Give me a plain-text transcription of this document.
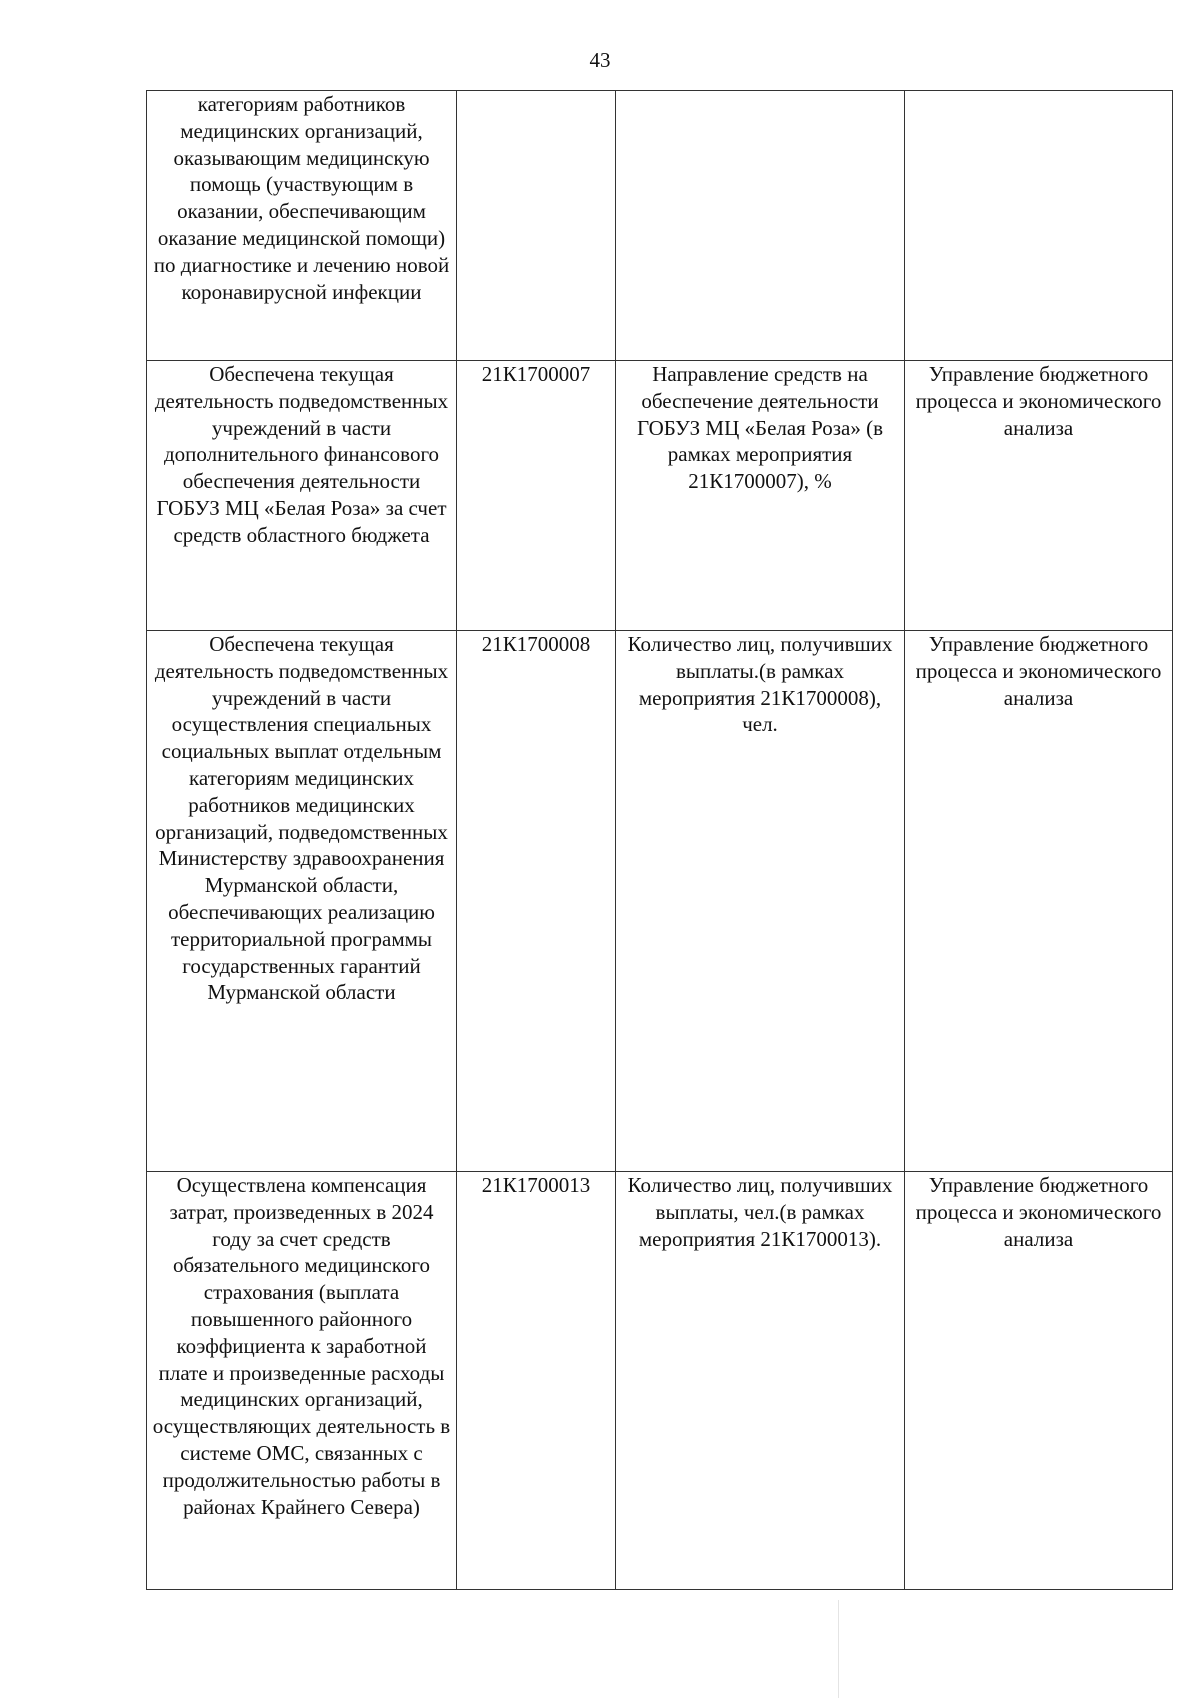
43
категориям работников медицинских организаций, оказывающим медицинскую помощь (участвующим в оказании, обеспечивающим оказание медицинской помощи) по диагностике и лечению новой коронавирусной инфекции			

Обеспечена текущая деятельность подведомственных учреждений в части дополнительного финансового обеспечения деятельности ГОБУЗ МЦ «Белая Роза» за счет средств областного бюджета	21К1700007	Направление средств на обеспечение деятельности ГОБУЗ МЦ «Белая Роза» (в рамках мероприятия 21К1700007), %	Управление бюджетного процесса и экономического анализа

Обеспечена текущая деятельность подведомственных учреждений в части осуществления специальных социальных выплат отдельным категориям медицинских работников медицинских организаций, подведомственных Министерству здравоохранения Мурманской области, обеспечивающих реализацию территориальной программы государственных гарантий Мурманской области	21К1700008	Количество лиц, получивших выплаты.(в рамках мероприятия 21К1700008), чел.	Управление бюджетного процесса и экономического анализа

Осуществлена компенсация затрат, произведенных в 2024 году за счет средств обязательного медицинского страхования (выплата повышенного районного коэффициента к заработной плате и произведенные расходы медицинских организаций, осуществляющих деятельность в системе ОМС, связанных с продолжительностью работы в районах Крайнего Севера)	21К1700013	Количество лиц, получивших выплаты, чел.(в рамках мероприятия 21К1700013).	Управление бюджетного процесса и экономического анализа
